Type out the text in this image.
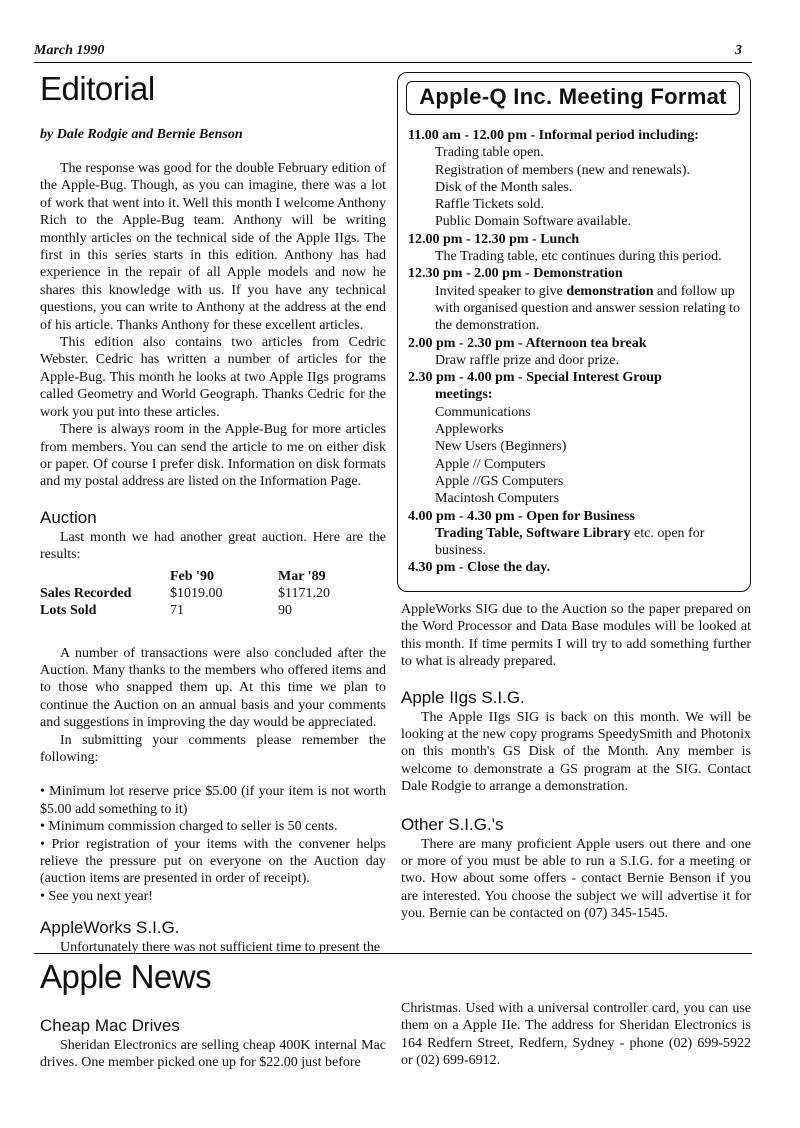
March 1990	3
Editorial
by Dale Rodgie and Bernie Benson

The response was good for the double February edition of the Apple-Bug. Though, as you can imagine, there was a lot of work that went into it. Well this month I welcome Anthony Rich to the Apple-Bug team. Anthony will be writing monthly articles on the technical side of the Apple IIgs. The first in this series starts in this edition. Anthony has had experience in the repair of all Apple models and now he shares this knowledge with us. If you have any technical questions, you can write to Anthony at the address at the end of his article. Thanks Anthony for these excellent articles.

This edition also contains two articles from Cedric Webster. Cedric has written a number of articles for the Apple-Bug. This month he looks at two Apple IIgs programs called Geometry and World Geograph. Thanks Cedric for the work you put into these articles.

There is always room in the Apple-Bug for more articles from members. You can send the article to me on either disk or paper. Of course I prefer disk. Information on disk formats and my postal address are listed on the Information Page.

Auction

Last month we had another great auction. Here are the results:

	Feb '90	Mar '89
Sales Recorded	$1019.00	$1171.20
Lots Sold	71	90

A number of transactions were also concluded after the Auction. Many thanks to the members who offered items and to those who snapped them up. At this time we plan to continue the Auction on an annual basis and your comments and suggestions in improving the day would be appreciated.

In submitting your comments please remember the following:

• Minimum lot reserve price $5.00 (if your item is not worth $5.00 add something to it)

• Minimum commission charged to seller is 50 cents.

• Prior registration of your items with the convener helps relieve the pressure put on everyone on the Auction day (auction items are presented in order of receipt).

• See you next year!

AppleWorks S.I.G.

Unfortunately there was not sufficient time to present the

Apple-Q Inc. Meeting Format
11.00 am - 12.00 pm - Informal period including:
Trading table open.
Registration of members (new and renewals).
Disk of the Month sales.
Raffle Tickets sold.
Public Domain Software available.
12.00 pm - 12.30 pm - Lunch
The Trading table, etc continues during this period.
12.30 pm - 2.00 pm - Demonstration
Invited speaker to give demonstration and follow up with organised question and answer session relating to the demonstration.
2.00 pm - 2.30 pm - Afternoon tea break
Draw raffle prize and door prize.
2.30 pm - 4.00 pm - Special Interest Group
meetings:
Communications
Appleworks
New Users (Beginners)
Apple // Computers
Apple //GS Computers
Macintosh Computers
4.00 pm - 4.30 pm - Open for Business
Trading Table, Software Library etc. open for business.
4.30 pm - Close the day.

AppleWorks SIG due to the Auction so the paper prepared on the Word Processor and Data Base modules will be looked at this month. If time permits I will try to add something further to what is already prepared.

Apple IIgs S.I.G.

The Apple IIgs SIG is back on this month. We will be looking at the new copy programs SpeedySmith and Photonix on this month's GS Disk of the Month. Any member is welcome to demonstrate a GS program at the SIG. Contact Dale Rodgie to arrange a demonstration.

Other S.I.G.'s

There are many proficient Apple users out there and one or more of you must be able to run a S.I.G. for a meeting or two. How about some offers - contact Bernie Benson if you are interested. You choose the subject we will advertise it for you. Bernie can be contacted on (07) 345-1545.

Apple News
Cheap Mac Drives

Sheridan Electronics are selling cheap 400K internal Mac drives. One member picked one up for $22.00 just before

Christmas. Used with a universal controller card, you can use them on a Apple IIe. The address for Sheridan Electronics is 164 Redfern Street, Redfern, Sydney - phone (02) 699-5922 or (02) 699-6912.
